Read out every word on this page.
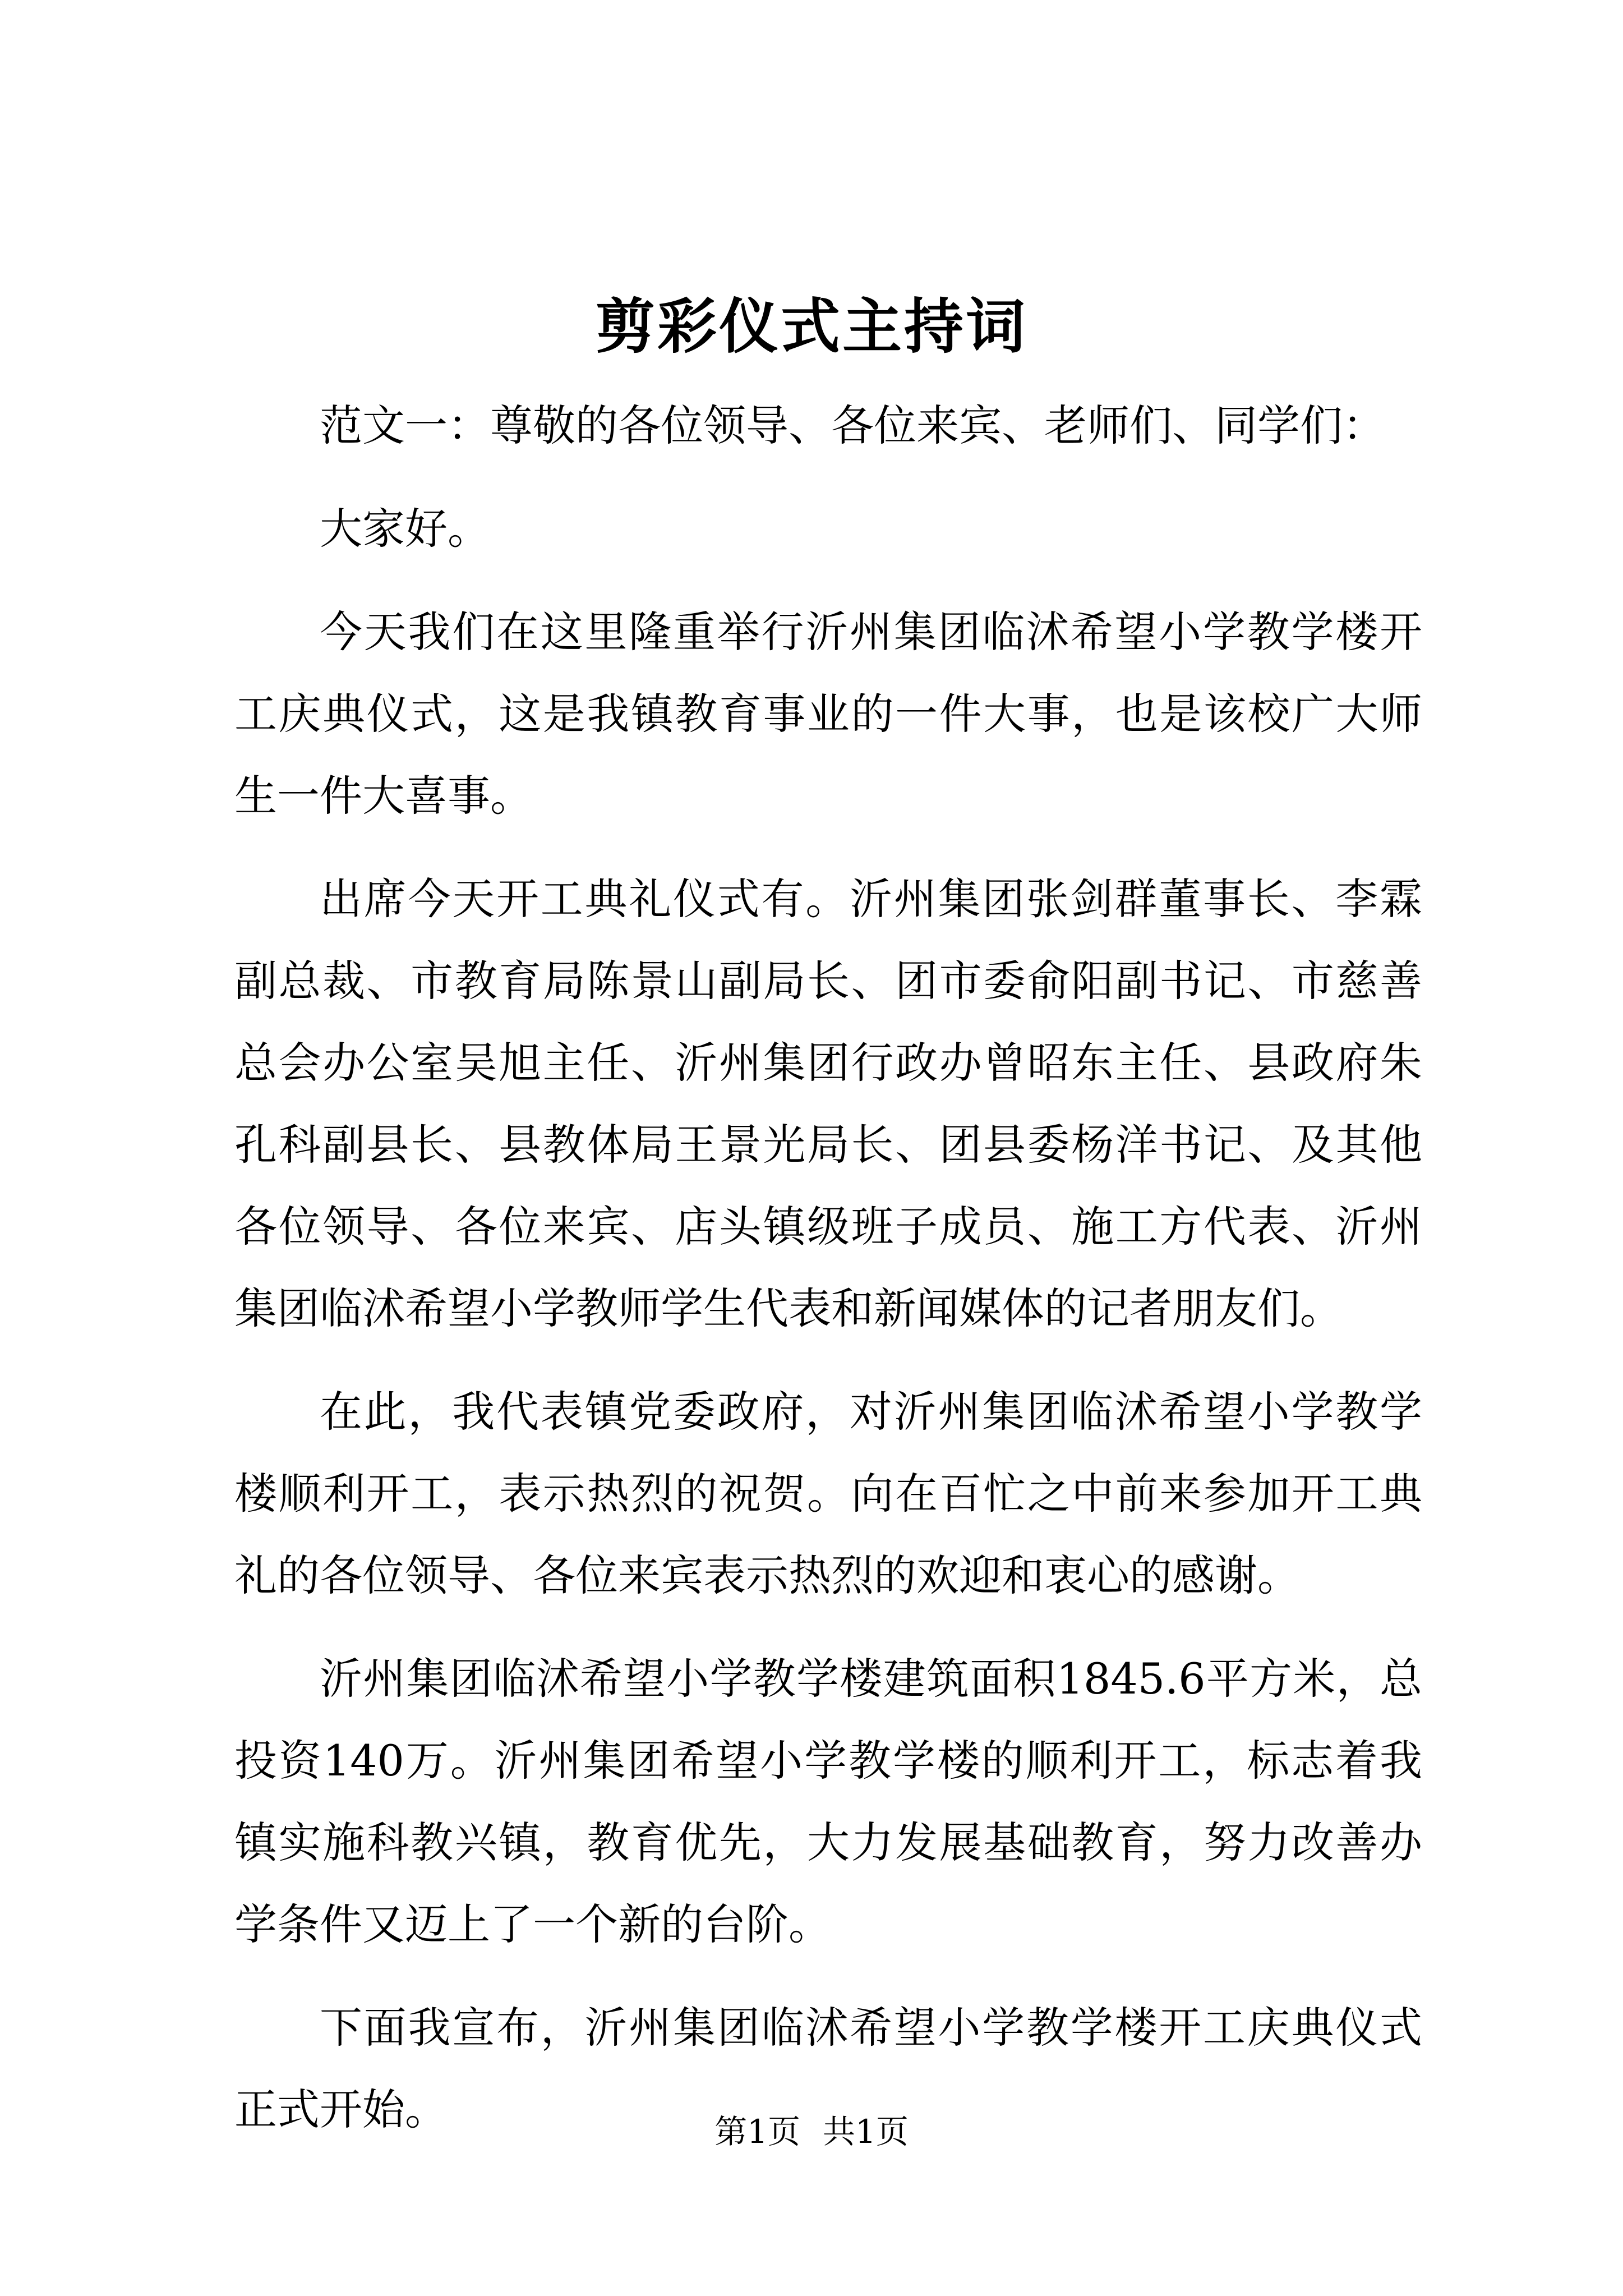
剪彩仪式主持词

范文一：尊敬的各位领导、各位来宾、老师们、同学们：

大家好。

今天我们在这里隆重举行沂州集团临沭希望小学教学楼开工庆典仪式，这是我镇教育事业的一件大事，也是该校广大师生一件大喜事。

出席今天开工典礼仪式有。沂州集团张剑群董事长、李霖副总裁、市教育局陈景山副局长、团市委俞阳副书记、市慈善总会办公室吴旭主任、沂州集团行政办曾昭东主任、县政府朱孔科副县长、县教体局王景光局长、团县委杨洋书记、及其他各位领导、各位来宾、店头镇级班子成员、施工方代表、沂州集团临沭希望小学教师学生代表和新闻媒体的记者朋友们。

在此，我代表镇党委政府，对沂州集团临沭希望小学教学楼顺利开工，表示热烈的祝贺。向在百忙之中前来参加开工典礼的各位领导、各位来宾表示热烈的欢迎和衷心的感谢。

沂州集团临沭希望小学教学楼建筑面积1845.6平方米，总投资140万。沂州集团希望小学教学楼的顺利开工，标志着我镇实施科教兴镇，教育优先，大力发展基础教育，努力改善办学条件又迈上了一个新的台阶。

下面我宣布，沂州集团临沭希望小学教学楼开工庆典仪式正式开始。	第1页 共1页
